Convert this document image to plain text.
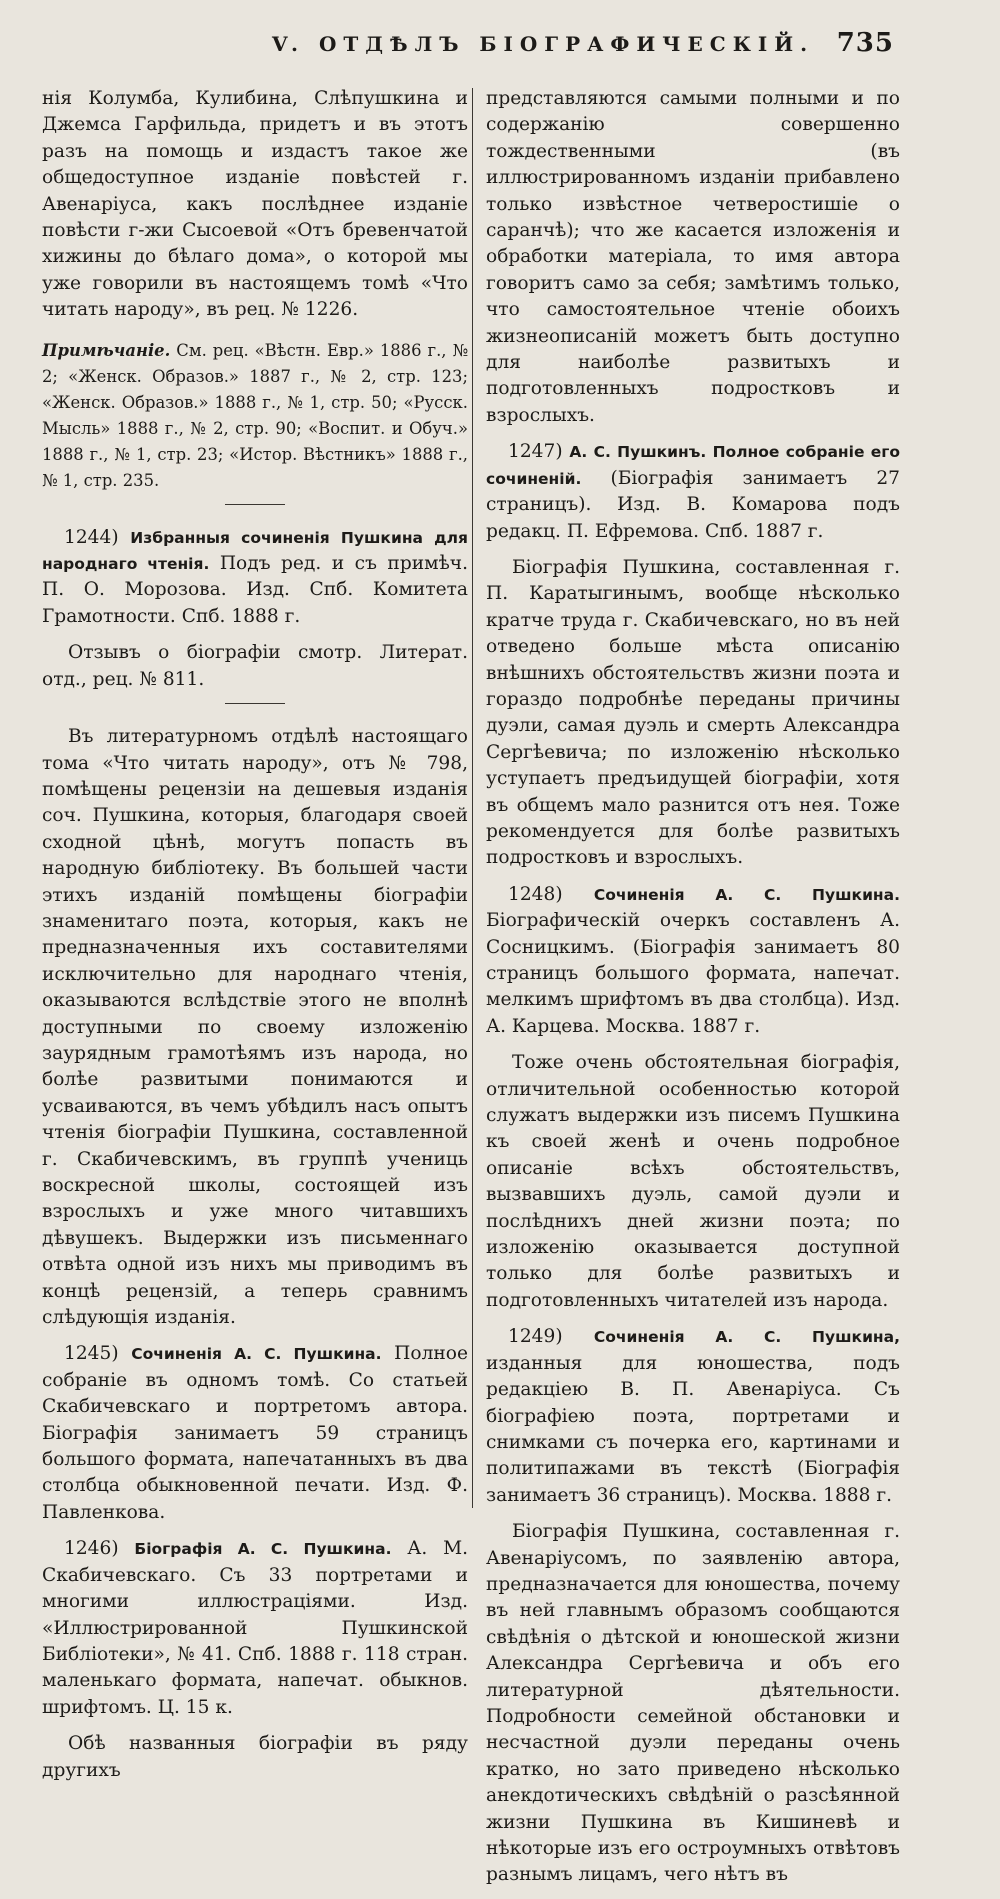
V. ОТДѢЛЪ БІОГРАФИЧЕСКІЙ. 735

нія Колумба, Кулибина, Слѣпушкина и Джемса Гарфильда, придетъ и въ этотъ разъ на помощь и издастъ такое же общедоступное изданіе повѣстей г. Авенаріуса, какъ послѣднее изданіе повѣсти г-жи Сысоевой «Отъ бревенчатой хижины до бѣлаго дома», о которой мы уже говорили въ настоящемъ томѣ «Что читать народу», въ рец. № 1226.

Примѣчаніе. См. рец. «Вѣстн. Евр.» 1886 г., № 2; «Женск. Образов.» 1887 г., № 2, стр. 123; «Женск. Образов.» 1888 г., № 1, стр. 50; «Русск. Мысль» 1888 г., № 2, стр. 90; «Воспит. и Обуч.» 1888 г., № 1, стр. 23; «Истор. Вѣстникъ» 1888 г., № 1, стр. 235.

1244) Избранныя сочиненія Пушкина для народнаго чтенія. Подъ ред. и съ примѣч. П. О. Морозова. Изд. Спб. Комитета Грамотности. Спб. 1888 г.

Отзывъ о біографіи смотр. Литерат. отд., рец. № 811.

Въ литературномъ отдѣлѣ настоящаго тома «Что читать народу», отъ № 798, помѣщены рецензіи на дешевыя изданія соч. Пушкина, которыя, благодаря своей сходной цѣнѣ, могутъ попасть въ народную библіотеку. Въ большей части этихъ изданій помѣщены біографіи знаменитаго поэта, которыя, какъ не предназначенныя ихъ составителями исключительно для народнаго чтенія, оказываются вслѣдствіе этого не вполнѣ доступными по своему изложенію заурядным грамотѣямъ изъ народа, но болѣе развитыми понимаются и усваиваются, въ чемъ убѣдилъ насъ опытъ чтенія біографіи Пушкина, составленной г. Скабичевскимъ, въ группѣ учениць воскресной школы, состоящей изъ взрослыхъ и уже много читавшихъ дѣвушекъ. Выдержки изъ письменнаго отвѣта одной изъ нихъ мы приводимъ въ концѣ рецензій, а теперь сравнимъ слѣдующія изданія.

1245) Сочиненія А. С. Пушкина. Полное собраніе въ одномъ томѣ. Со статьей Скабичевскаго и портретомъ автора. Біографія занимаетъ 59 страницъ большого формата, напечатанныхъ въ два столбца обыкновенной печати. Изд. Ф. Павленкова.

1246) Біографія А. С. Пушкина. А. М. Скабичевскаго. Съ 33 портретами и многими иллюстраціями. Изд. «Иллюстрированной Пушкинской Библіотеки», № 41. Спб. 1888 г. 118 стран. маленькаго формата, напечат. обыкнов. шрифтомъ. Ц. 15 к.

Обѣ названныя біографіи въ ряду другихъ

представляются самыми полными и по содержанію совершенно тождественными (въ иллюстрированномъ изданіи прибавлено только извѣстное четверостишіе о саранчѣ); что же касается изложенія и обработки матеріала, то имя автора говоритъ само за себя; замѣтимъ только, что самостоятельное чтеніе обоихъ жизнеописаній можетъ быть доступно для наиболѣе развитыхъ и подготовленныхъ подростковъ и взрослыхъ.

1247) А. С. Пушкинъ. Полное собраніе его сочиненій. (Біографія занимаетъ 27 страницъ). Изд. В. Комарова подъ редакц. П. Ефремова. Спб. 1887 г.

Біографія Пушкина, составленная г. П. Каратыгинымъ, вообще нѣсколько кратче труда г. Скабичевскаго, но въ ней отведено больше мѣста описанію внѣшнихъ обстоятельствъ жизни поэта и гораздо подробнѣе переданы причины дуэли, самая дуэль и смерть Александра Сергѣевича; по изложенію нѣсколько уступаетъ предъидущей біографіи, хотя въ общемъ мало разнится отъ нея. Тоже рекомендуется для болѣе развитыхъ подростковъ и взрослыхъ.

1248) Сочиненія А. С. Пушкина. Біографическій очеркъ составленъ А. Сосницкимъ. (Біографія занимаетъ 80 страницъ большого формата, напечат. мелкимъ шрифтомъ въ два столбца). Изд. А. Карцева. Москва. 1887 г.

Тоже очень обстоятельная біографія, отличительной особенностью которой служатъ выдержки изъ писемъ Пушкина къ своей женѣ и очень подробное описаніе всѣхъ обстоятельствъ, вызвавшихъ дуэль, самой дуэли и послѣднихъ дней жизни поэта; по изложенію оказывается доступной только для болѣе развитыхъ и подготовленныхъ читателей изъ народа.

1249) Сочиненія А. С. Пушкина, изданныя для юношества, подъ редакціею В. П. Авенаріуса. Съ біографіею поэта, портретами и снимками съ почерка его, картинами и политипажами въ текстѣ (Біографія занимаетъ 36 страницъ). Москва. 1888 г.

Біографія Пушкина, составленная г. Авенаріусомъ, по заявленію автора, предназначается для юношества, почему въ ней главнымъ образомъ сообщаются свѣдѣнія о дѣтской и юношеской жизни Александра Сергѣевича и объ его литературной дѣятельности. Подробности семейной обстановки и несчастной дуэли переданы очень кратко, но зато приведено нѣсколько анекдотическихъ свѣдѣній о разсѣянной жизни Пушкина въ Кишиневѣ и нѣкоторые изъ его остроумныхъ отвѣтовъ разнымъ лицамъ, чего нѣтъ въ
